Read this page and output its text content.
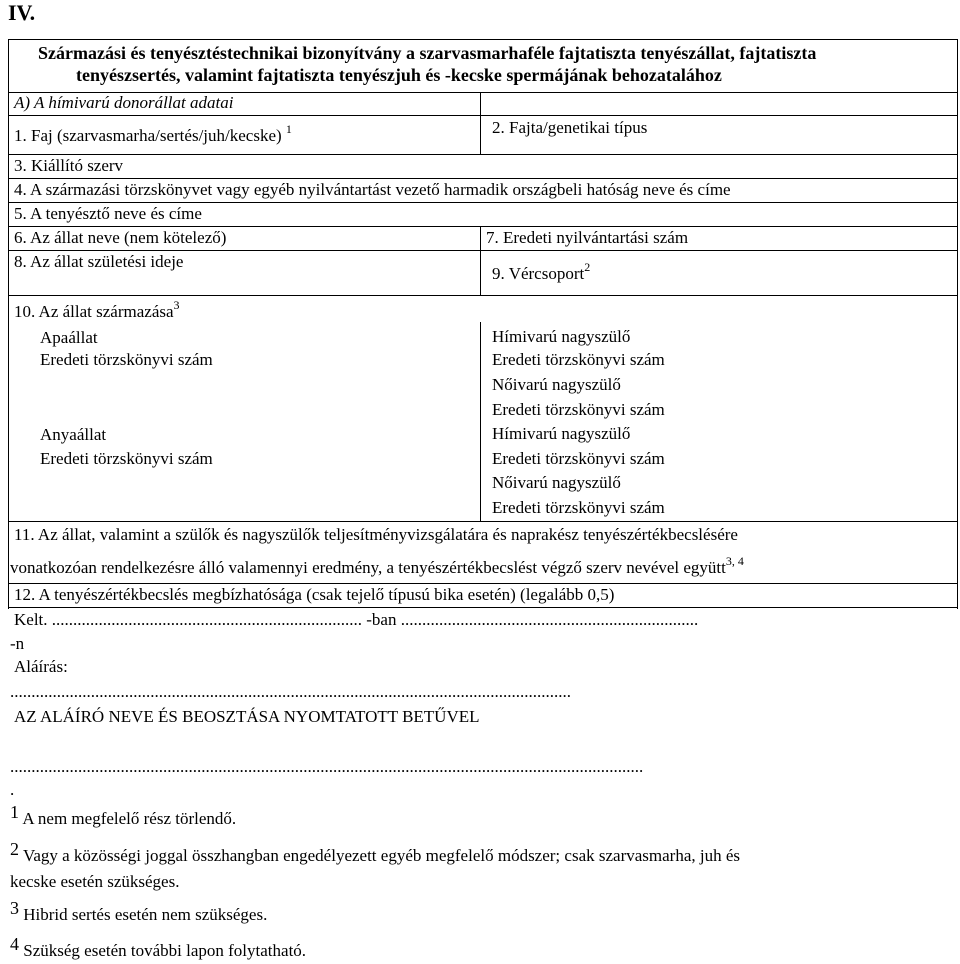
IV.
Származási és tenyésztéstechnikai bizonyítvány a szarvasmarhaféle fajtatiszta tenyészállat, fajtatiszta
tenyészsertés, valamint fajtatiszta tenyészjuh és -kecske spermájának behozatalához
A) A hímivarú donorállat adatai
1. Faj (szarvasmarha/sertés/juh/kecske) $^1$	2. Fajta/genetikai típus
3. Kiállító szerv
4. A származási törzskönyvet vagy egyéb nyilvántartást vezető harmadik országbeli hatóság neve és címe
5. A tenyésztő neve és címe
6. Az állat neve (nem kötelező)	7. Eredeti nyilvántartási szám
8. Az állat születési ideje
9. Vércsoport$^2$
10. Az állat származása$^3$
Apaállat
Eredeti törzskönyvi szám
Anyaállat
Eredeti törzskönyvi szám
Hímivarú nagyszülő
Eredeti törzskönyvi szám
Nőivarú nagyszülő
Eredeti törzskönyvi szám
Hímivarú nagyszülő
Eredeti törzskönyvi szám
Nőivarú nagyszülő
Eredeti törzskönyvi szám
11. Az állat, valamint a szülők és nagyszülők teljesítményvizsgálatára és naprakész tenyészértékbecslésére
vonatkozóan rendelkezésre álló valamennyi eredmény, a tenyészértékbecslést végző szerv nevével együtt$^{3, 4}$
12. A tenyészértékbecslés megbízhatósága (csak tejelő típusú bika esetén) (legalább 0,5)
Kelt. ......................................................................... -ban ......................................................................
-n
Aláírás:
....................................................................................................................................
AZ ALÁÍRÓ NEVE ÉS BEOSZTÁSA NYOMTATOTT BETŰVEL
.....................................................................................................................................................
.
1 A nem megfelelő rész törlendő.
2 Vagy a közösségi joggal összhangban engedélyezett egyéb megfelelő módszer; csak szarvasmarha, juh és
kecske esetén szükséges.
3 Hibrid sertés esetén nem szükséges.
4 Szükség esetén további lapon folytatható.
